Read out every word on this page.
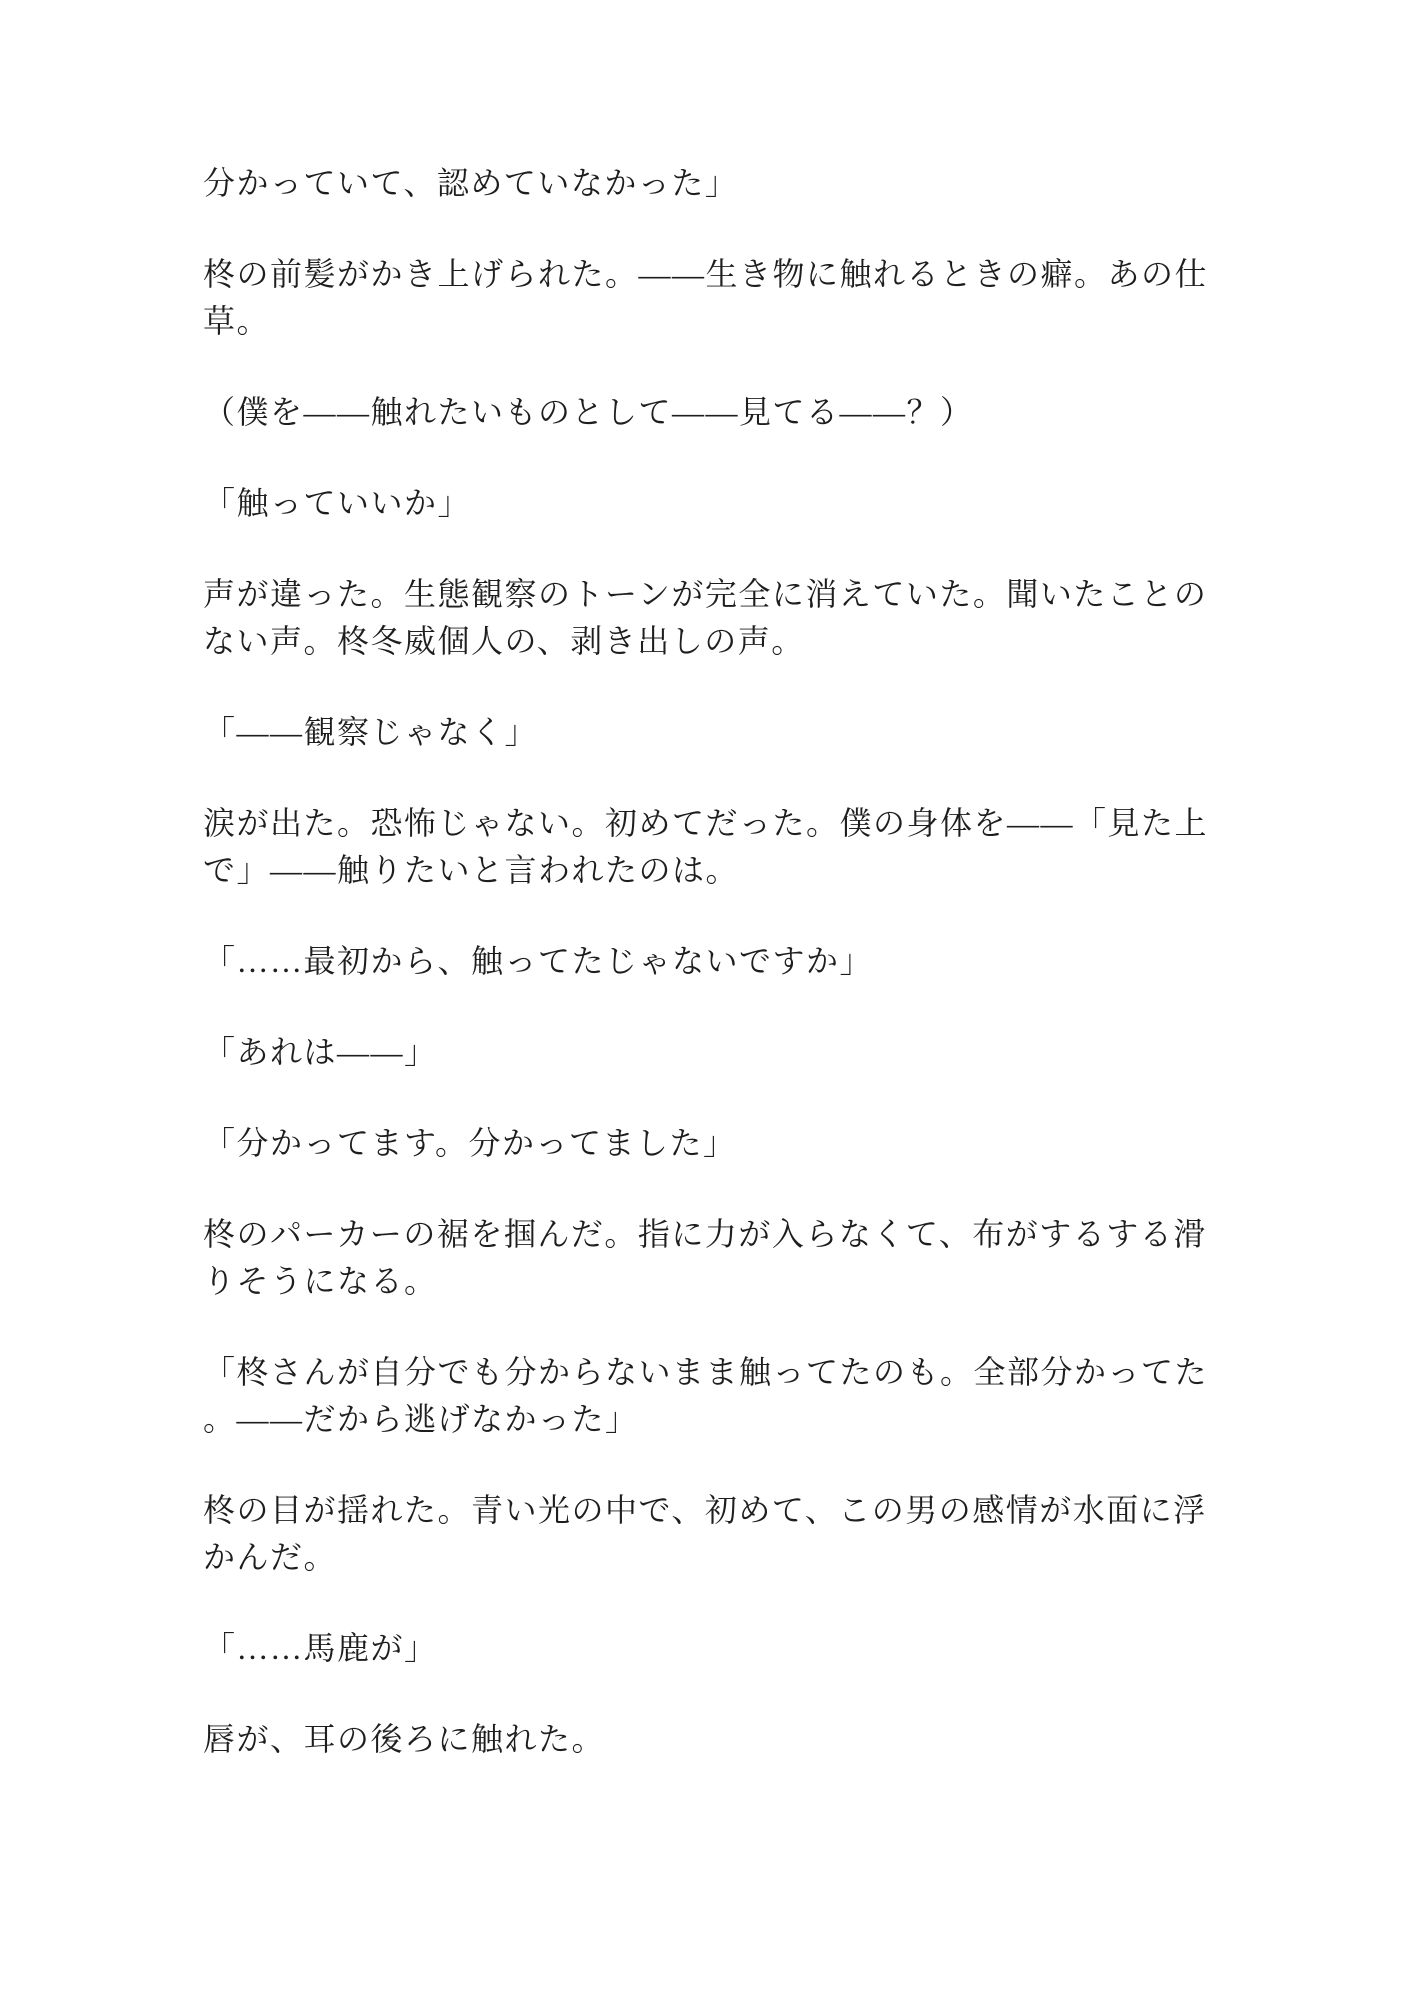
分かっていて、認めていなかった」

柊の前髪がかき上げられた。――生き物に触れるときの癖。あの仕
草。

（僕を――触れたいものとして――見てる――？）

「触っていいか」

声が違った。生態観察のトーンが完全に消えていた。聞いたことの
ない声。柊冬威個人の、剥き出しの声。

「――観察じゃなく」

涙が出た。恐怖じゃない。初めてだった。僕の身体を――「見た上
で」――触りたいと言われたのは。

「……最初から、触ってたじゃないですか」

「あれは――」

「分かってます。分かってました」

柊のパーカーの裾を掴んだ。指に力が入らなくて、布がするする滑
りそうになる。

「柊さんが自分でも分からないまま触ってたのも。全部分かってた
。――だから逃げなかった」

柊の目が揺れた。青い光の中で、初めて、この男の感情が水面に浮
かんだ。

「……馬鹿が」

唇が、耳の後ろに触れた。
